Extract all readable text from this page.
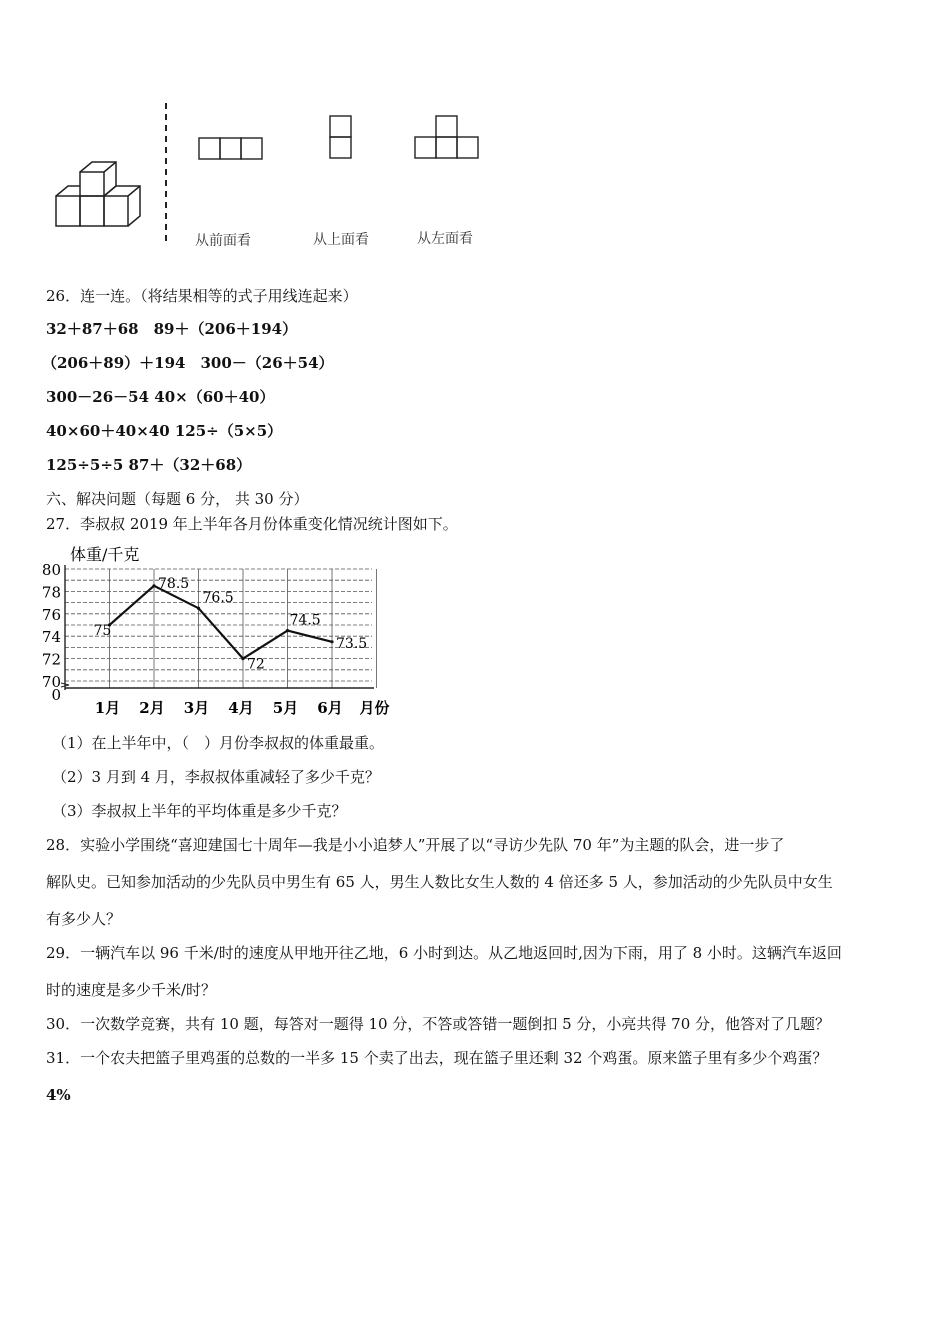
从前面看	从上面看	从左面看
26．连一连。（将结果相等的式子用线连起来）
32＋87＋68　89＋（206＋194）
（206＋89）＋194　300－（26＋54）
300－26－54 40×（60＋40）
40×60＋40×40 125÷（5×5）
125÷5÷5 87＋（32＋68）
六、解决问题（每题 6 分， 共 30 分）
27．李叔叔 2019 年上半年各月份体重变化情况统计图如下。
体重/千克
80
78
76
74
72
70
0
1月 2月 3月 4月 5月 6月 月份
75
78.5
76.5
72
74.5
73.5
（1）在上半年中，（　）月份李叔叔的体重最重。
（2）3 月到 4 月，李叔叔体重减轻了多少千克？
（3）李叔叔上半年的平均体重是多少千克？
28．实验小学围绕“喜迎建国七十周年—我是小小追梦人”开展了以“寻访少先队 70 年”为主题的队会，进一步了
解队史。已知参加活动的少先队员中男生有 65 人，男生人数比女生人数的 4 倍还多 5 人，参加活动的少先队员中女生
有多少人？
29．一辆汽车以 96 千米/时的速度从甲地开往乙地，6 小时到达。从乙地返回时,因为下雨，用了 8 小时。这辆汽车返回
时的速度是多少千米/时？
30．一次数学竞赛，共有 10 题，每答对一题得 10 分，不答或答错一题倒扣 5 分，小亮共得 70 分，他答对了几题？
31．一个农夫把篮子里鸡蛋的总数的一半多 15 个卖了出去，现在篮子里还剩 32 个鸡蛋。原来篮子里有多少个鸡蛋？
4%
